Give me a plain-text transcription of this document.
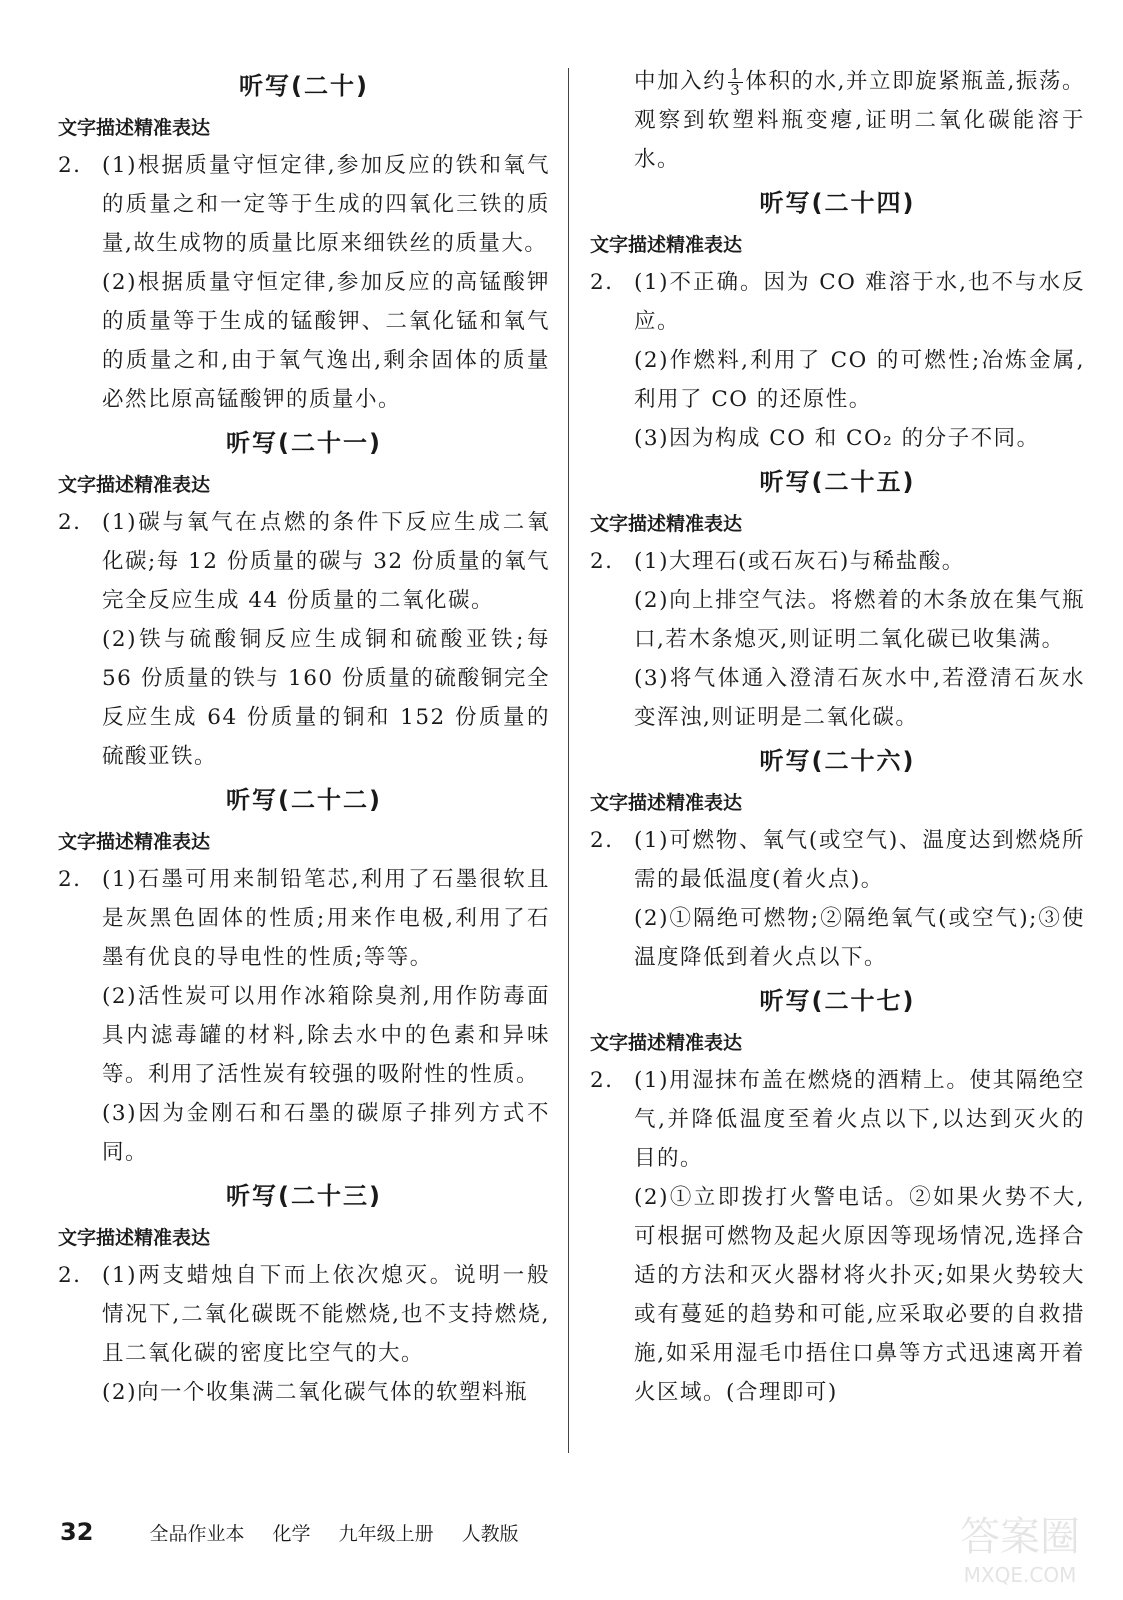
听写(二十)
文字描述精准表达
2. (1)根据质量守恒定律,参加反应的铁和氧气的质量之和一定等于生成的四氧化三铁的质量,故生成物的质量比原来细铁丝的质量大。
(2)根据质量守恒定律,参加反应的高锰酸钾的质量等于生成的锰酸钾、二氧化锰和氧气的质量之和,由于氧气逸出,剩余固体的质量必然比原高锰酸钾的质量小。
听写(二十一)
文字描述精准表达
2. (1)碳与氧气在点燃的条件下反应生成二氧化碳;每 12 份质量的碳与 32 份质量的氧气完全反应生成 44 份质量的二氧化碳。
(2)铁与硫酸铜反应生成铜和硫酸亚铁;每 56 份质量的铁与 160 份质量的硫酸铜完全反应生成 64 份质量的铜和 152 份质量的硫酸亚铁。
听写(二十二)
文字描述精准表达
2. (1)石墨可用来制铅笔芯,利用了石墨很软且是灰黑色固体的性质;用来作电极,利用了石墨有优良的导电性的性质;等等。
(2)活性炭可以用作冰箱除臭剂,用作防毒面具内滤毒罐的材料,除去水中的色素和异味等。利用了活性炭有较强的吸附性的性质。
(3)因为金刚石和石墨的碳原子排列方式不同。
听写(二十三)
文字描述精准表达
2. (1)两支蜡烛自下而上依次熄灭。说明一般情况下,二氧化碳既不能燃烧,也不支持燃烧,且二氧化碳的密度比空气的大。
(2)向一个收集满二氧化碳气体的软塑料瓶
中加入约 $\frac{1}{3}$ 体积的水,并立即旋紧瓶盖,振荡。观察到软塑料瓶变瘪,证明二氧化碳能溶于水。
听写(二十四)
文字描述精准表达
2. (1)不正确。因为 CO 难溶于水,也不与水反应。
(2)作燃料,利用了 CO 的可燃性;冶炼金属,利用了 CO 的还原性。
(3)因为构成 CO 和 CO₂ 的分子不同。
听写(二十五)
文字描述精准表达
2. (1)大理石(或石灰石)与稀盐酸。
(2)向上排空气法。将燃着的木条放在集气瓶口,若木条熄灭,则证明二氧化碳已收集满。
(3)将气体通入澄清石灰水中,若澄清石灰水变浑浊,则证明是二氧化碳。
听写(二十六)
文字描述精准表达
2. (1)可燃物、氧气(或空气)、温度达到燃烧所需的最低温度(着火点)。
(2)①隔绝可燃物;②隔绝氧气(或空气);③使温度降低到着火点以下。
听写(二十七)
文字描述精准表达
2. (1)用湿抹布盖在燃烧的酒精上。使其隔绝空气,并降低温度至着火点以下,以达到灭火的目的。
(2)①立即拨打火警电话。②如果火势不大,可根据可燃物及起火原因等现场情况,选择合适的方法和灭火器材将火扑灭;如果火势较大或有蔓延的趋势和可能,应采取必要的自救措施,如采用湿毛巾捂住口鼻等方式迅速离开着火区域。(合理即可)
32	全品作业本 化学 九年级上册 人教版	答案圈
MXQE.COM
